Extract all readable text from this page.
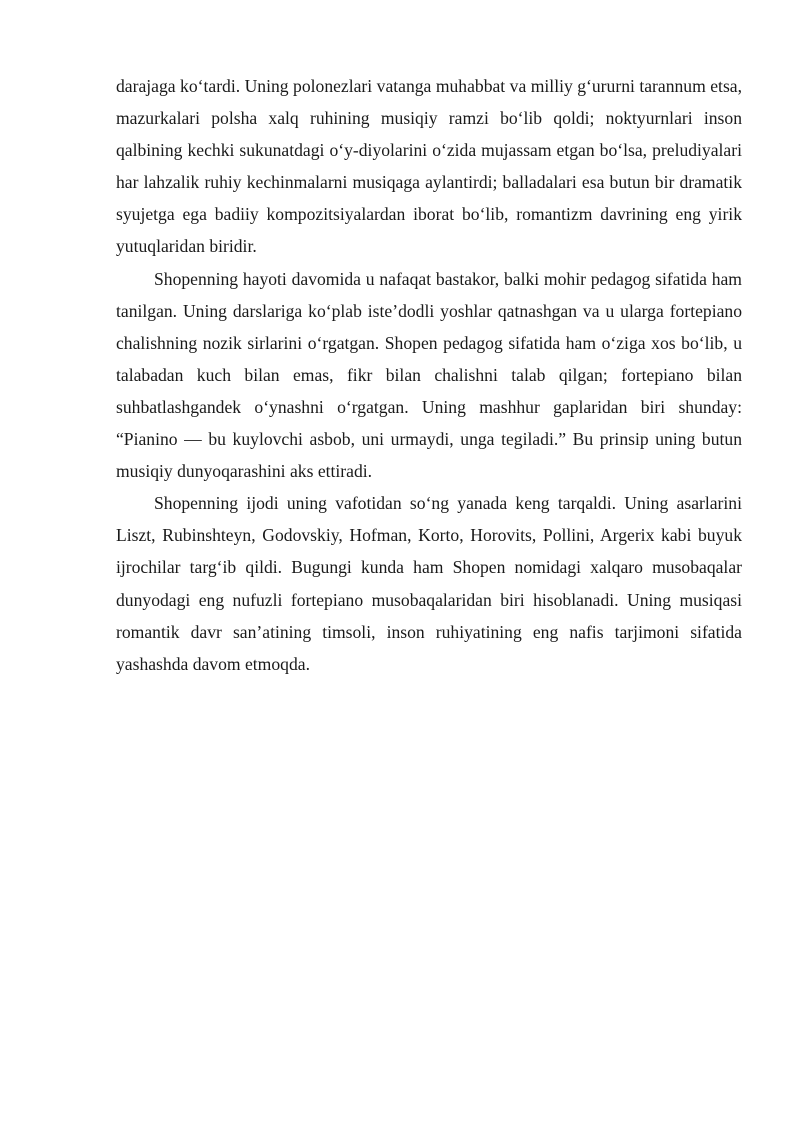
darajaga koʻtardi. Uning polonezlari vatanga muhabbat va milliy gʻururni tarannum etsa, mazurkalari polsha xalq ruhining musiqiy ramzi boʻlib qoldi; noktyurnlari inson qalbining kechki sukunatdagi oʻy-diyolarini oʻzida mujassam etgan boʻlsa, preludiyalari har lahzalik ruhiy kechinmalarni musiqaga aylantirdi; balladalari esa butun bir dramatik syujetga ega badiiy kompozitsiyalardan iborat boʻlib, romantizm davrining eng yirik yutuqlaridan biridir.

Shopenning hayoti davomida u nafaqat bastakor, balki mohir pedagog sifatida ham tanilgan. Uning darslariga koʻplab isteʼdodli yoshlar qatnashgan va u ularga fortepiano chalishning nozik sirlarini oʻrgatgan. Shopen pedagog sifatida ham oʻziga xos boʻlib, u talabadan kuch bilan emas, fikr bilan chalishni talab qilgan; fortepiano bilan suhbatlashgandek oʻynashni oʻrgatgan. Uning mashhur gaplaridan biri shunday: “Pianino — bu kuylovchi asbob, uni urmaydi, unga tegiladi.” Bu prinsip uning butun musiqiy dunyoqarashini aks ettiradi.

Shopenning ijodi uning vafotidan soʻng yanada keng tarqaldi. Uning asarlarini Liszt, Rubinshteyn, Godovskiy, Hofman, Korto, Horovits, Pollini, Argerix kabi buyuk ijrochilar targʻib qildi. Bugungi kunda ham Shopen nomidagi xalqaro musobaqalar dunyodagi eng nufuzli fortepiano musobaqalaridan biri hisoblanadi. Uning musiqasi romantik davr sanʼatining timsoli, inson ruhiyatining eng nafis tarjimoni sifatida yashashda davom etmoqda.
